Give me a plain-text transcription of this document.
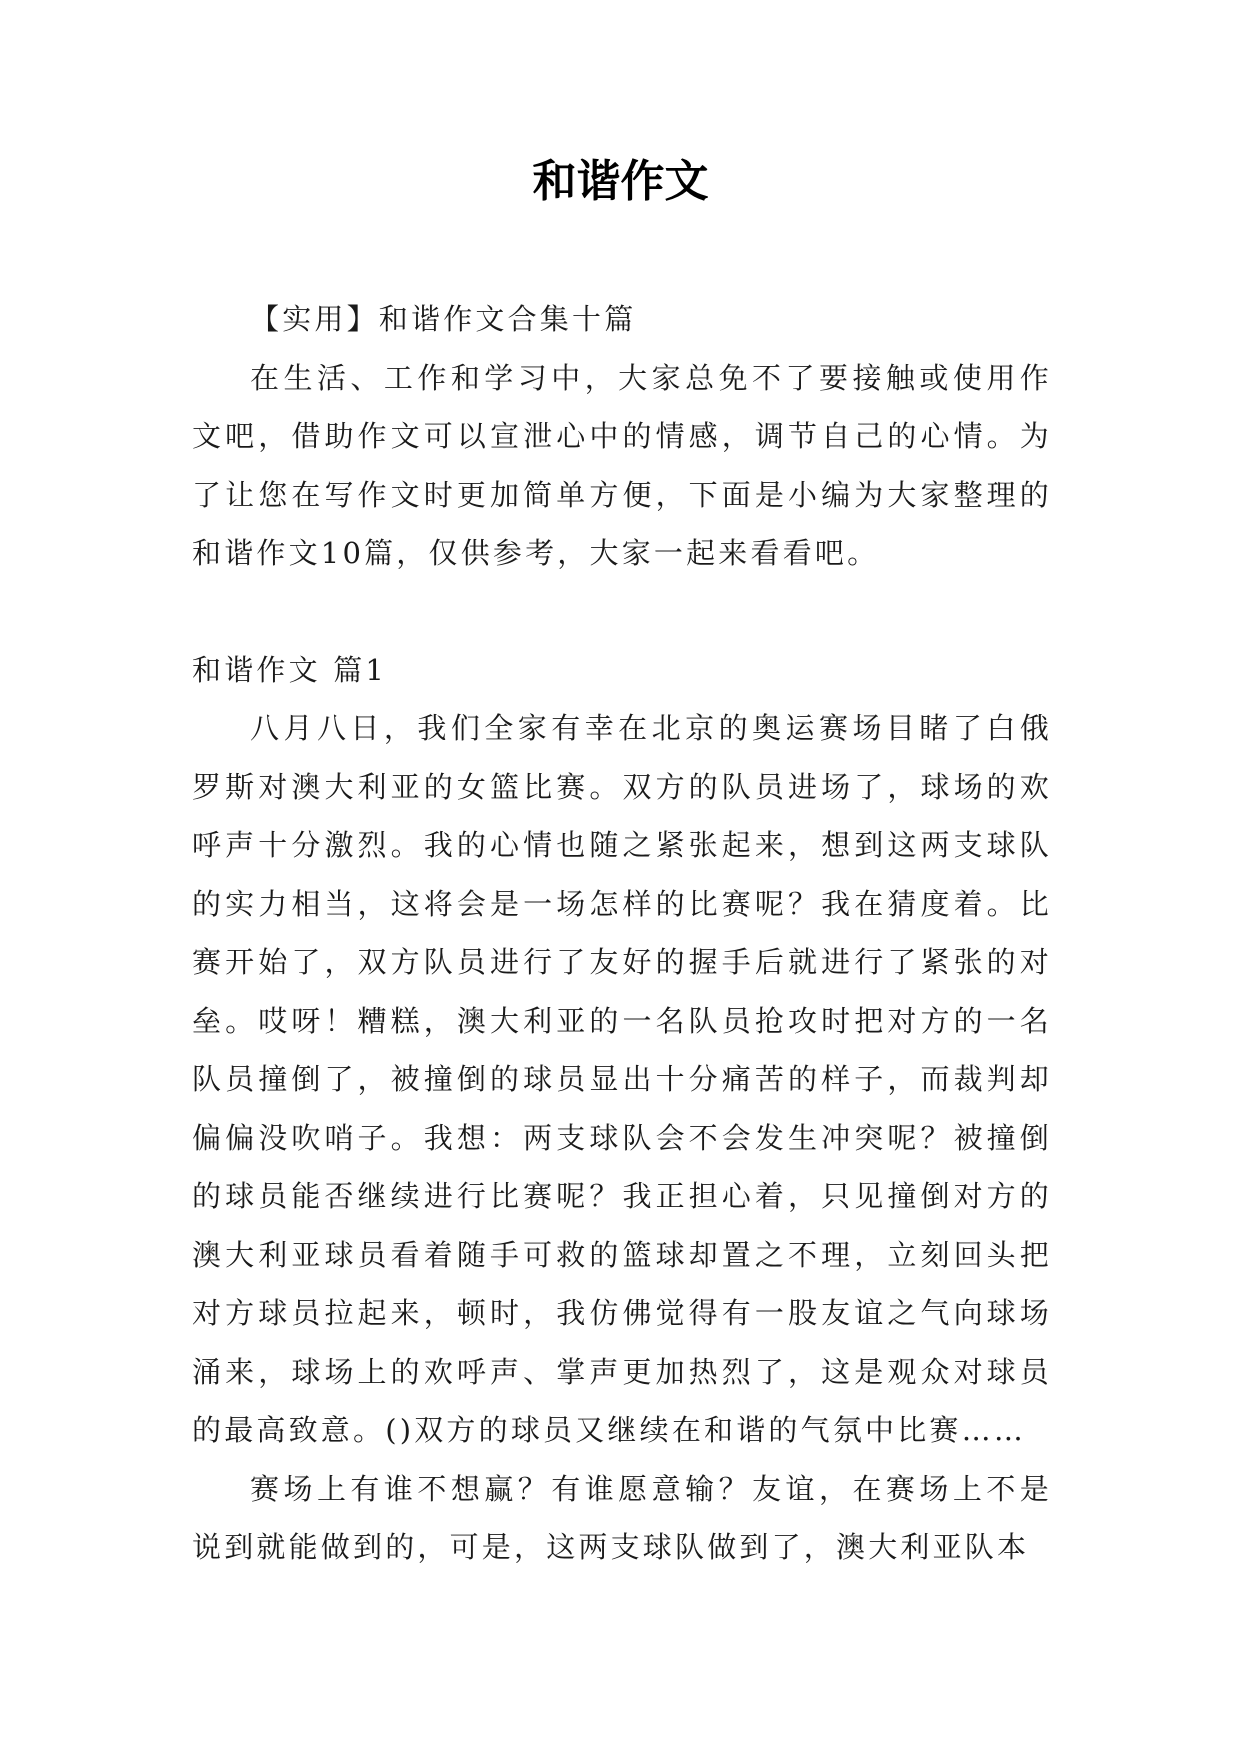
和谐作文

【实用】和谐作文合集十篇

在生活、工作和学习中，大家总免不了要接触或使用作文吧，借助作文可以宣泄心中的情感，调节自己的心情。为了让您在写作文时更加简单方便，下面是小编为大家整理的和谐作文10篇，仅供参考，大家一起来看看吧。

和谐作文 篇1

八月八日，我们全家有幸在北京的奥运赛场目睹了白俄罗斯对澳大利亚的女篮比赛。双方的队员进场了，球场的欢呼声十分激烈。我的心情也随之紧张起来，想到这两支球队的实力相当，这将会是一场怎样的比赛呢？我在猜度着。比赛开始了，双方队员进行了友好的握手后就进行了紧张的对垒。哎呀！糟糕，澳大利亚的一名队员抢攻时把对方的一名队员撞倒了，被撞倒的球员显出十分痛苦的样子，而裁判却偏偏没吹哨子。我想：两支球队会不会发生冲突呢？被撞倒的球员能否继续进行比赛呢？我正担心着，只见撞倒对方的澳大利亚球员看着随手可救的篮球却置之不理，立刻回头把对方球员拉起来，顿时，我仿佛觉得有一股友谊之气向球场涌来，球场上的欢呼声、掌声更加热烈了，这是观众对球员的最高致意。()双方的球员又继续在和谐的气氛中比赛……

赛场上有谁不想赢？有谁愿意输？友谊，在赛场上不是说到就能做到的，可是，这两支球队做到了，澳大利亚队本
